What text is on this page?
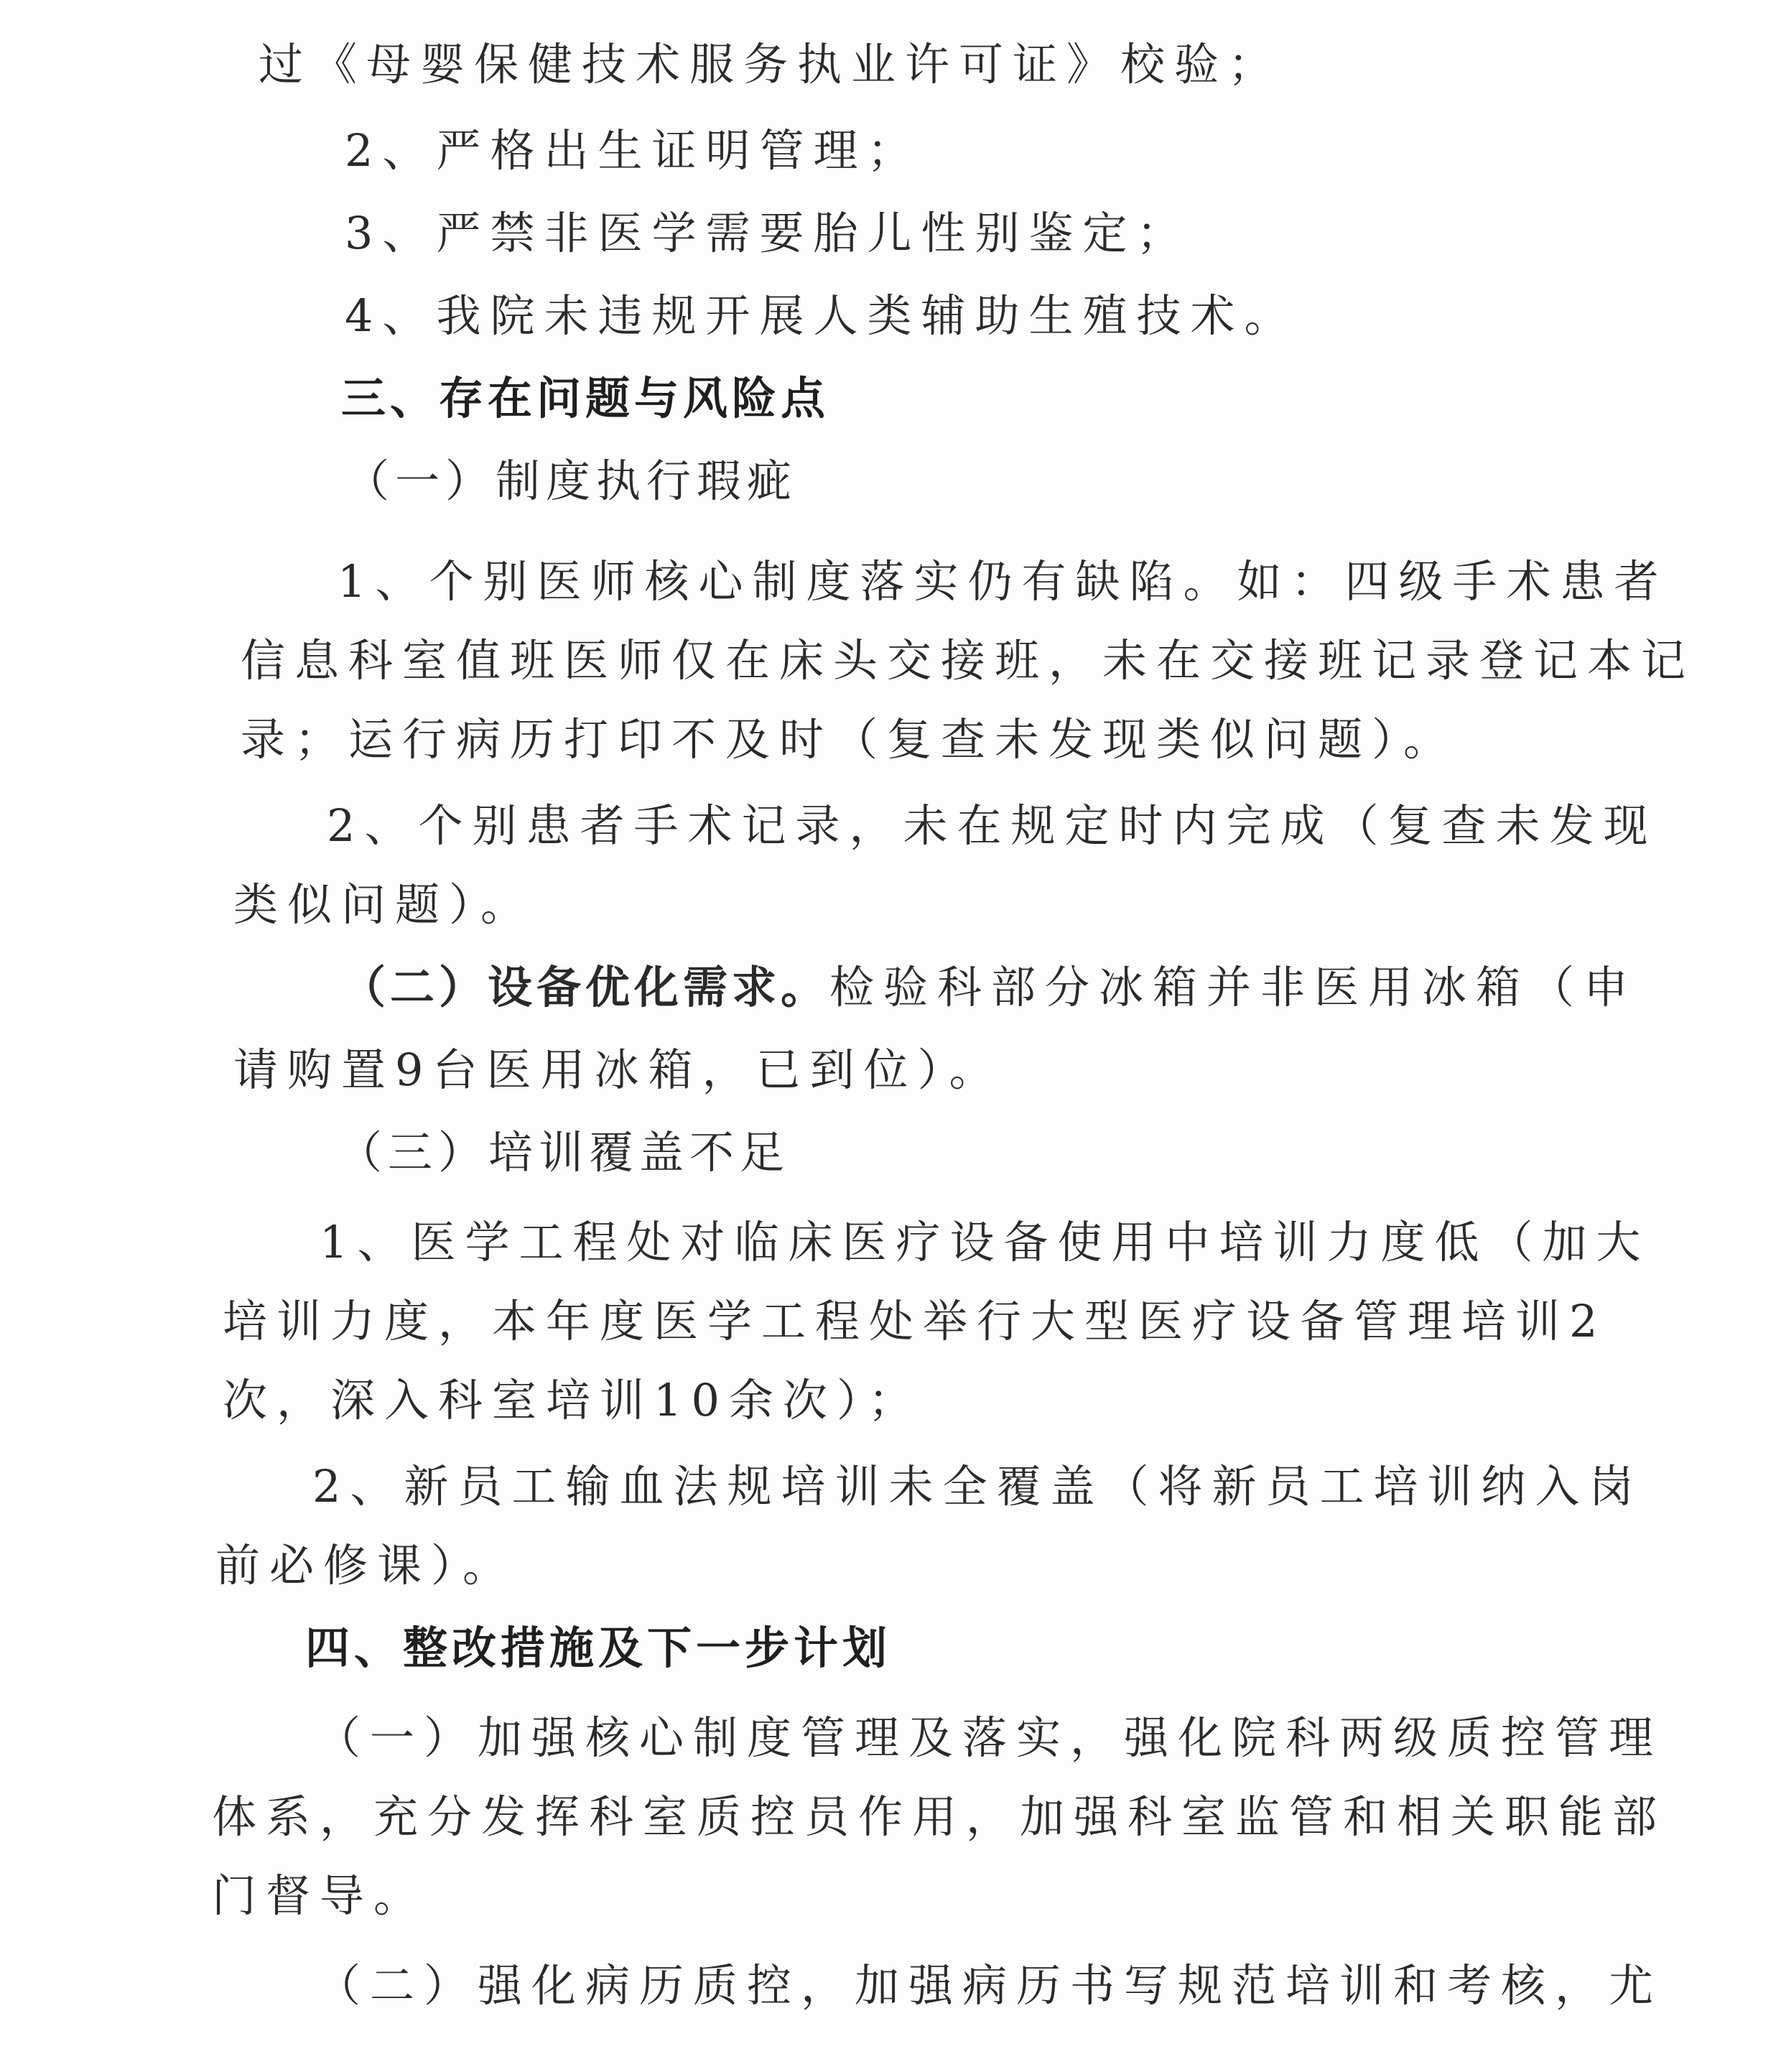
过《母婴保健技术服务执业许可证》校验；
2、严格出生证明管理；
3、严禁非医学需要胎儿性别鉴定；
4、我院未违规开展人类辅助生殖技术。
三、存在问题与风险点
（一）制度执行瑕疵
1、个别医师核心制度落实仍有缺陷。如：四级手术患者
信息科室值班医师仅在床头交接班，未在交接班记录登记本记
录；运行病历打印不及时（复查未发现类似问题）。
2、个别患者手术记录，未在规定时内完成（复查未发现
类似问题）。
（二）设备优化需求。检验科部分冰箱并非医用冰箱（申
请购置9台医用冰箱，已到位）。
（三）培训覆盖不足
1、医学工程处对临床医疗设备使用中培训力度低（加大
培训力度，本年度医学工程处举行大型医疗设备管理培训2
次，深入科室培训10余次）；
2、新员工输血法规培训未全覆盖（将新员工培训纳入岗
前必修课）。
四、整改措施及下一步计划
（一）加强核心制度管理及落实，强化院科两级质控管理
体系，充分发挥科室质控员作用，加强科室监管和相关职能部
门督导。
（二）强化病历质控，加强病历书写规范培训和考核，尤
